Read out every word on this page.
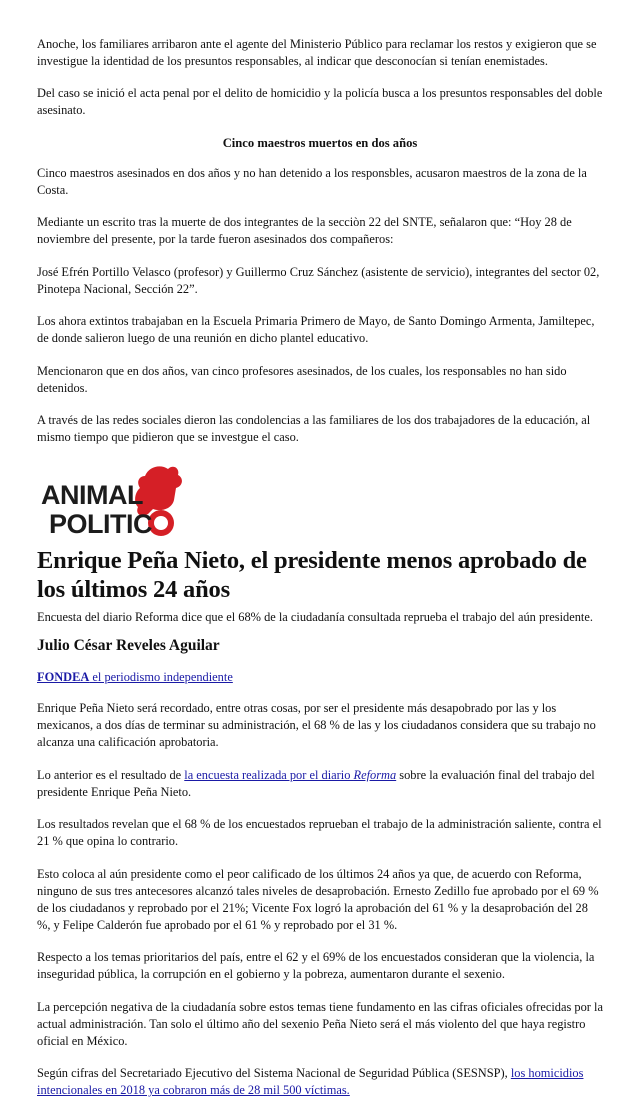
Anoche, los familiares arribaron ante el agente del Ministerio Público para reclamar los restos y exigieron que se investigue la identidad de los presuntos responsables, al indicar que desconocían si tenían enemistades.

Del caso se inició el acta penal por el delito de homicidio y la policía busca a los presuntos responsables del doble asesinato.

Cinco maestros muertos en dos años

Cinco maestros asesinados en dos años y no han detenido a los responsbles, acusaron maestros de la zona de la Costa.

Mediante un escrito tras la muerte de dos integrantes de la secciòn 22 del SNTE, señalaron que: “Hoy 28 de noviembre del presente, por la tarde fueron asesinados dos compañeros:

José Efrén Portillo Velasco (profesor) y Guillermo Cruz Sánchez (asistente de servicio), integrantes del sector 02, Pinotepa Nacional, Sección 22”.

Los ahora extintos trabajaban en la Escuela Primaria Primero de Mayo, de Santo Domingo Armenta, Jamiltepec, de donde salieron luego de una reunión en dicho plantel educativo.

Mencionaron que en dos años, van cinco profesores asesinados, de los cuales, los responsables no han sido detenidos.

A través de las redes sociales dieron las condolencias a las familiares de los dos trabajadores de la educación, al mismo tiempo que pidieron que se investgue el caso.

ANIMAL
POLITIC
Enrique Peña Nieto, el presidente menos aprobado de los últimos 24 años

Encuesta del diario Reforma dice que el 68% de la ciudadanía consultada reprueba el trabajo del aún presidente.

Julio César Reveles Aguilar

FONDEA el periodismo independiente

Enrique Peña Nieto será recordado, entre otras cosas, por ser el presidente más desapobrado por las y los mexicanos, a dos días de terminar su administración, el 68 % de las y los ciudadanos considera que su trabajo no alcanza una calificación aprobatoria.

Lo anterior es el resultado de la encuesta realizada por el diario Reforma sobre la evaluación final del trabajo del presidente Enrique Peña Nieto.

Los resultados revelan que el 68 % de los encuestados reprueban el trabajo de la administración saliente, contra el 21 % que opina lo contrario.

Esto coloca al aún presidente como el peor calificado de los últimos 24 años ya que, de acuerdo con Reforma, ninguno de sus tres antecesores alcanzó tales niveles de desaprobación. Ernesto Zedillo fue aprobado por el 69 % de los ciudadanos y reprobado por el 21%; Vicente Fox logró la aprobación del 61 % y la desaprobación del 28 %, y Felipe Calderón fue aprobado por el 61 % y reprobado por el 31 %.

Respecto a los temas prioritarios del país, entre el 62 y el 69% de los encuestados consideran que la violencia, la inseguridad pública, la corrupción en el gobierno y la pobreza, aumentaron durante el sexenio.

La percepción negativa de la ciudadanía sobre estos temas tiene fundamento en las cifras oficiales ofrecidas por la actual administración. Tan solo el último año del sexenio Peña Nieto será el más violento del que haya registro oficial en México.

Según cifras del Secretariado Ejecutivo del Sistema Nacional de Seguridad Pública (SESNSP), los homicidios intencionales en 2018 ya cobraron más de 28 mil 500 víctimas.
